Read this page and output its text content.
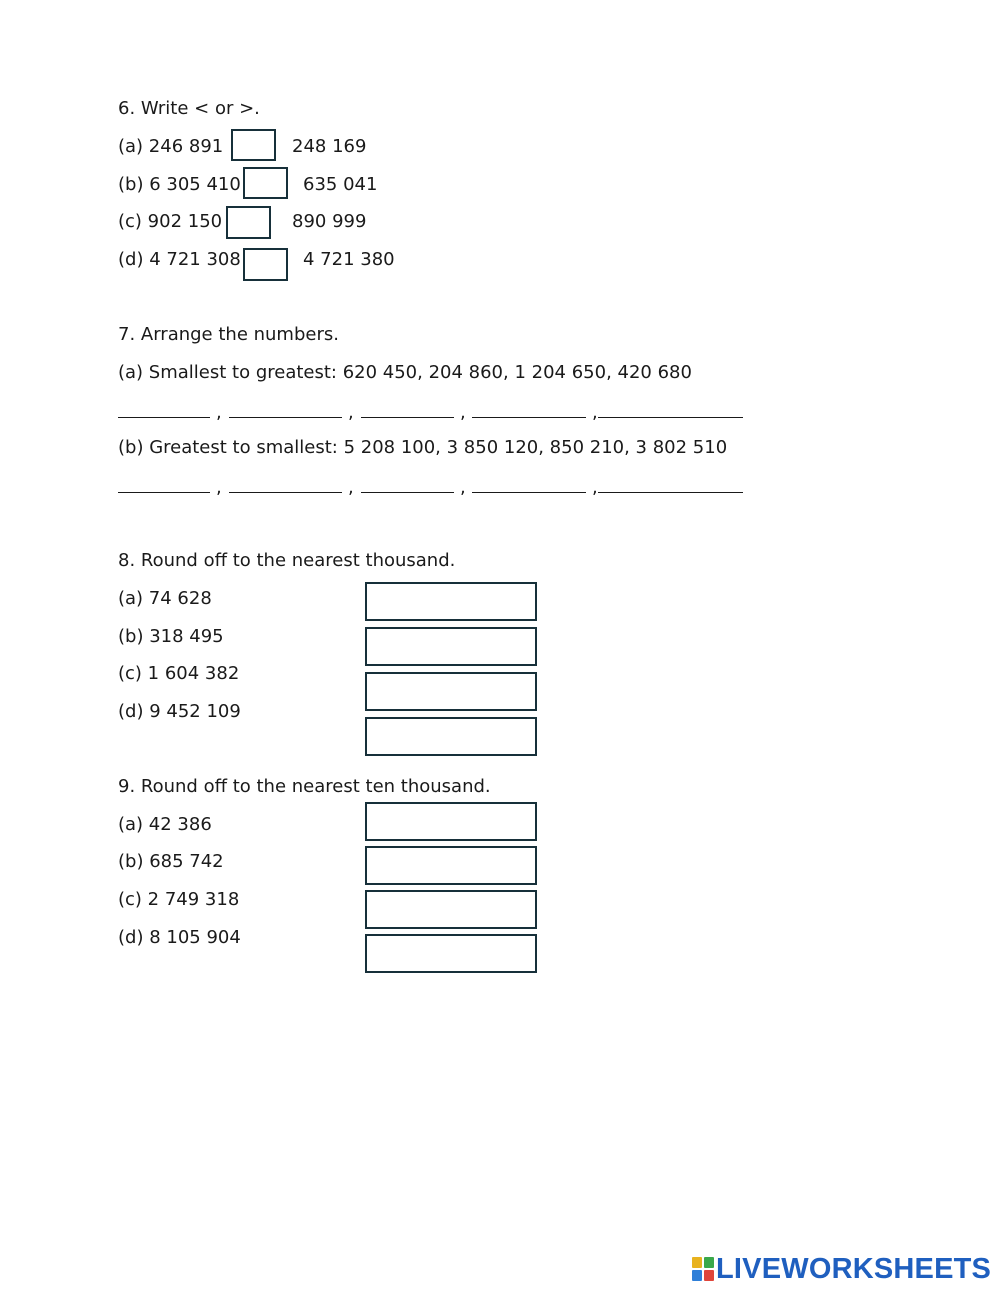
6. Write < or >.
(a) 246 891	248 169
(b) 6 305 410	635 041
(c) 902 150	890 999
(d) 4 721 308	4 721 380
7. Arrange the numbers.
(a) Smallest to greatest: 620 450, 204 860, 1 204 650, 420 680
,	,	,	,
(b) Greatest to smallest: 5 208 100, 3 850 120, 850 210, 3 802 510
,	,	,	,
8. Round off to the nearest thousand.
(a) 74 628
(b) 318 495
(c) 1 604 382
(d) 9 452 109
9. Round off to the nearest ten thousand.
(a) 42 386
(b) 685 742
(c) 2 749 318
(d) 8 105 904
LIVEWORKSHEETS
